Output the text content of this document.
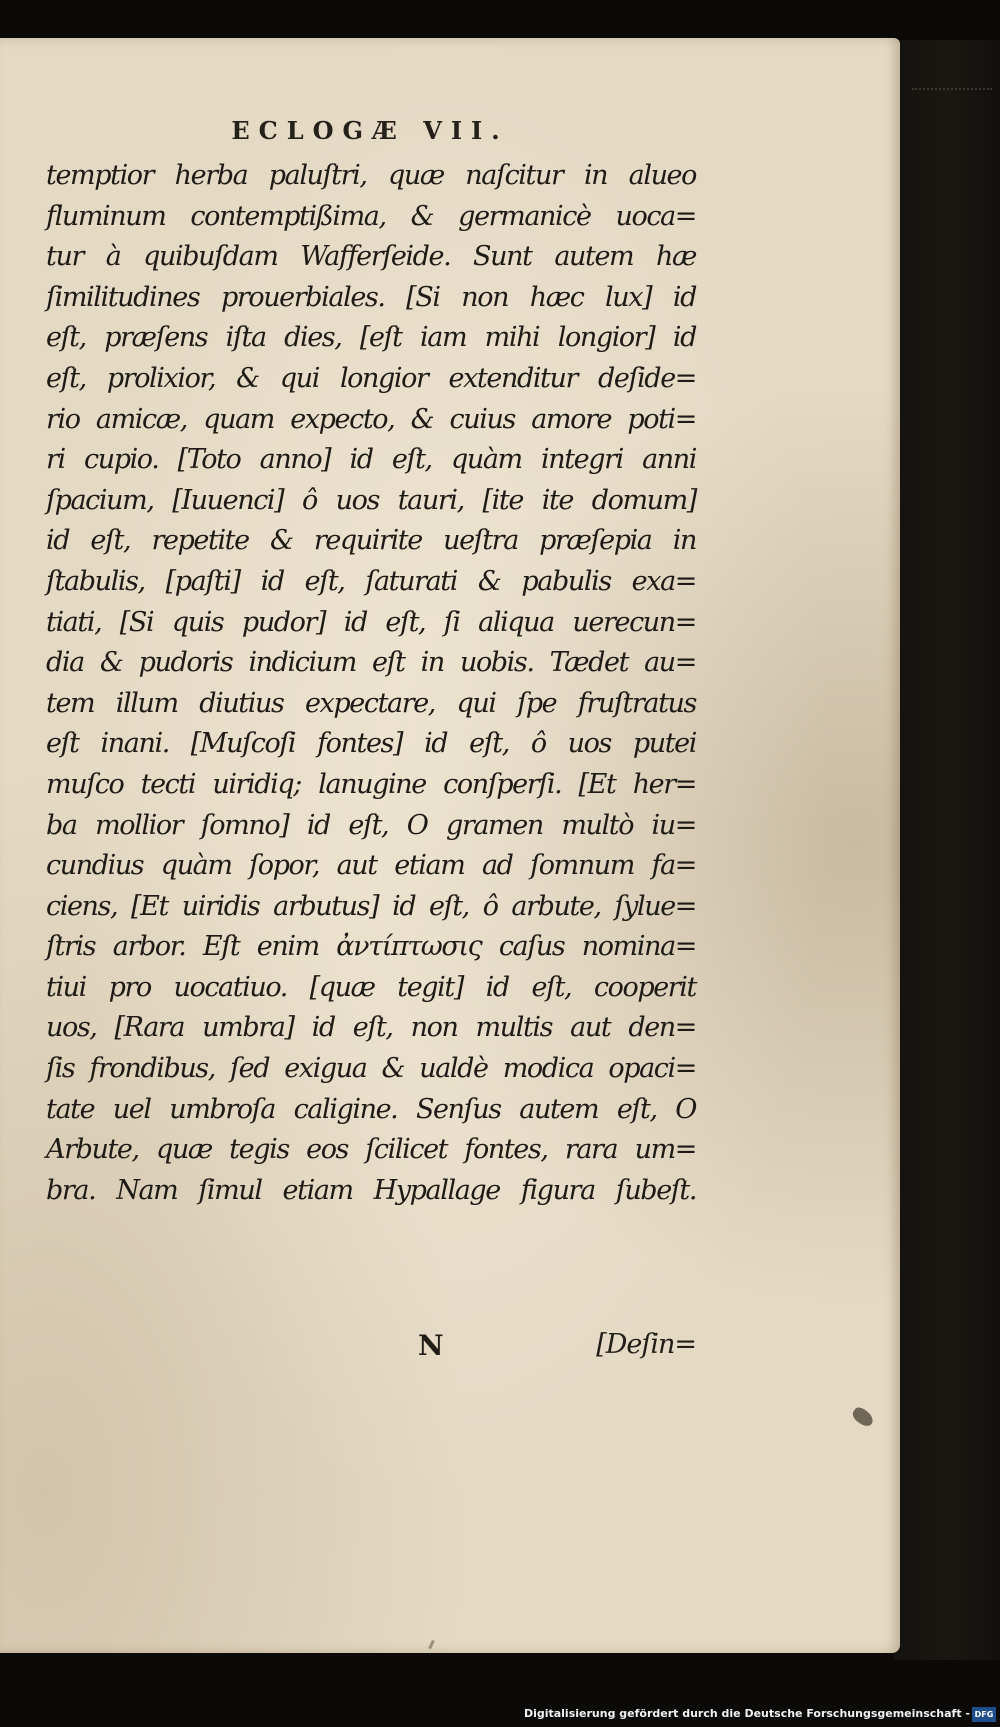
ECLOGÆ VII.
temptior herba paluſtri, quæ naſcitur in alueo
fluminum contemptißima, & germanicè uoca=
tur à quibuſdam Wafferſeide. Sunt autem hæ
ſimilitudines prouerbiales. [Si non hæc lux] id
eſt, præſens iſta dies, [eſt iam mihi longior] id
eſt, prolixior, & qui longior extenditur deſide=
rio amicæ, quam expecto, & cuius amore poti=
ri cupio. [Toto anno] id eſt, quàm integri anni
ſpacium, [Iuuenci] ô uos tauri, [ite ite domum]
id eſt, repetite & requirite ueſtra præſepia in
ſtabulis, [paſti] id eſt, ſaturati & pabulis exa=
tiati, [Si quis pudor] id eſt, ſi aliqua uerecun=
dia & pudoris indicium eſt in uobis. Tædet au=
tem illum diutius expectare, qui ſpe fruſtratus
eſt inani. [Muſcoſi fontes] id eſt, ô uos putei
muſco tecti uiridiq; lanugine conſperſi. [Et her=
ba mollior ſomno] id eſt, O gramen multò iu=
cundius quàm ſopor, aut etiam ad ſomnum fa=
ciens, [Et uiridis arbutus] id eſt, ô arbute, ſylue=
ſtris arbor. Eſt enim ἀντίπτωσις caſus nomina=
tiui pro uocatiuo. [quæ tegit] id eſt, cooperit
uos, [Rara umbra] id eſt, non multis aut den=
ſis frondibus, ſed exigua & ualdè modica opaci=
tate uel umbroſa caligine. Senſus autem eſt, O
Arbute, quæ tegis eos ſcilicet fontes, rara um=
bra. Nam ſimul etiam Hypallage figura ſubeſt.
N	[Deſin=
Digitalisierung gefördert durch die Deutsche Forschungsgemeinschaft - DFG
